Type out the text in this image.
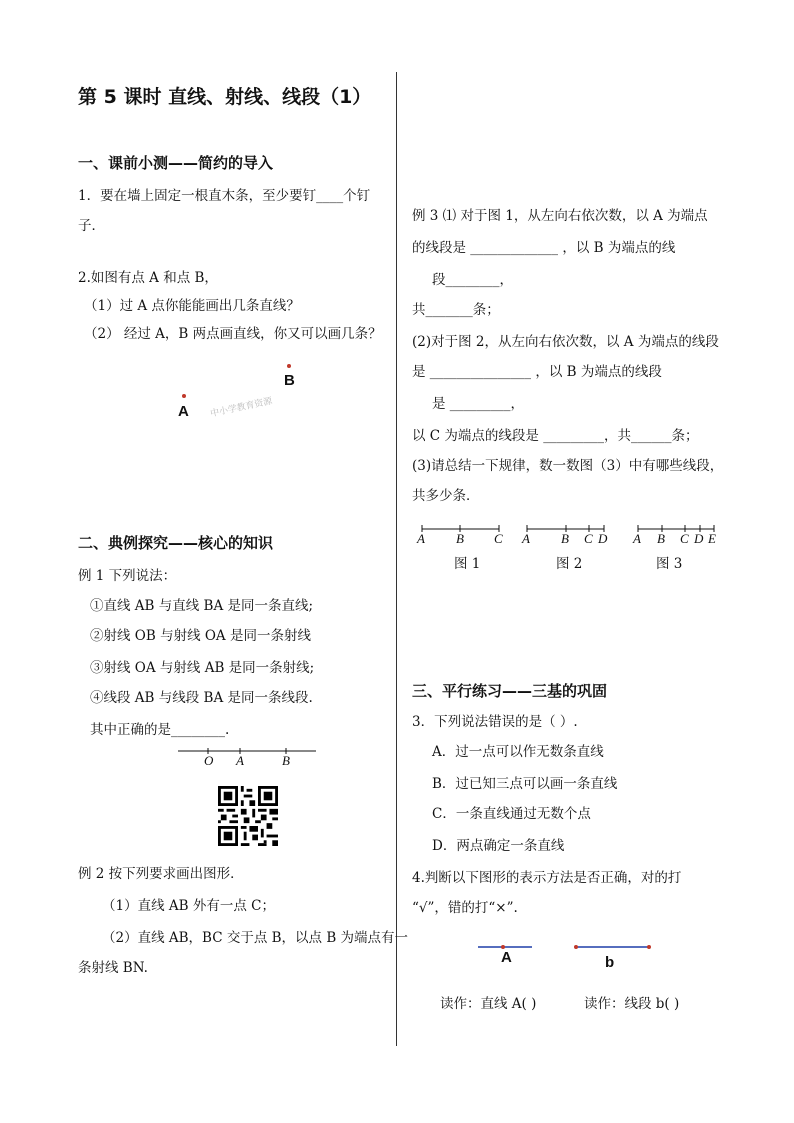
第 5 课时 直线、射线、线段（1）
一、课前小测——简约的导入
1．要在墙上固定一根直木条，至少要钉____个钉
子．
2.如图有点 A 和点 B，
（1）过 A 点你能能画出几条直线？
（2） 经过 A，B 两点画直线，你又可以画几条？
A
B
中小学教育资源
二、典例探究——核心的知识
例 1 下列说法：
①直线 AB 与直线 BA 是同一条直线;
②射线 OB 与射线 OA 是同一条射线
③射线 OA 与射线 AB 是同一条射线;
④线段 AB 与线段 BA 是同一条线段.
其中正确的是________.
O A	B
例 2 按下列要求画出图形．
（1）直线 AB 外有一点 C；
（2）直线 AB，BC 交于点 B，以点 B 为端点有一
条射线 BN.
例 3 ⑴ 对于图 1，从左向右依次数，以 A 为端点
的线段是 _____________ ，以 B 为端点的线
段________，
共_______条；
(2)对于图 2，从左向右依次数，以 A 为端点的线段
是 _______________ ，以 B 为端点的线段
是 _________，
以 C 为端点的线段是 _________，共______条；
(3)请总结一下规律，数一数图（3）中有哪些线段，
共多少条．
A B C A B C D A B C D E
图 1	图 2	图 3
三、平行练习——三基的巩固
3．下列说法错误的是（ ）.
A．过一点可以作无数条直线
B．过已知三点可以画一条直线
C．一条直线通过无数个点
D．两点确定一条直线
4.判断以下图形的表示方法是否正确，对的打
“√”，错的打“×”.
A	b
读作：直线 A( )	读作：线段 b( )
